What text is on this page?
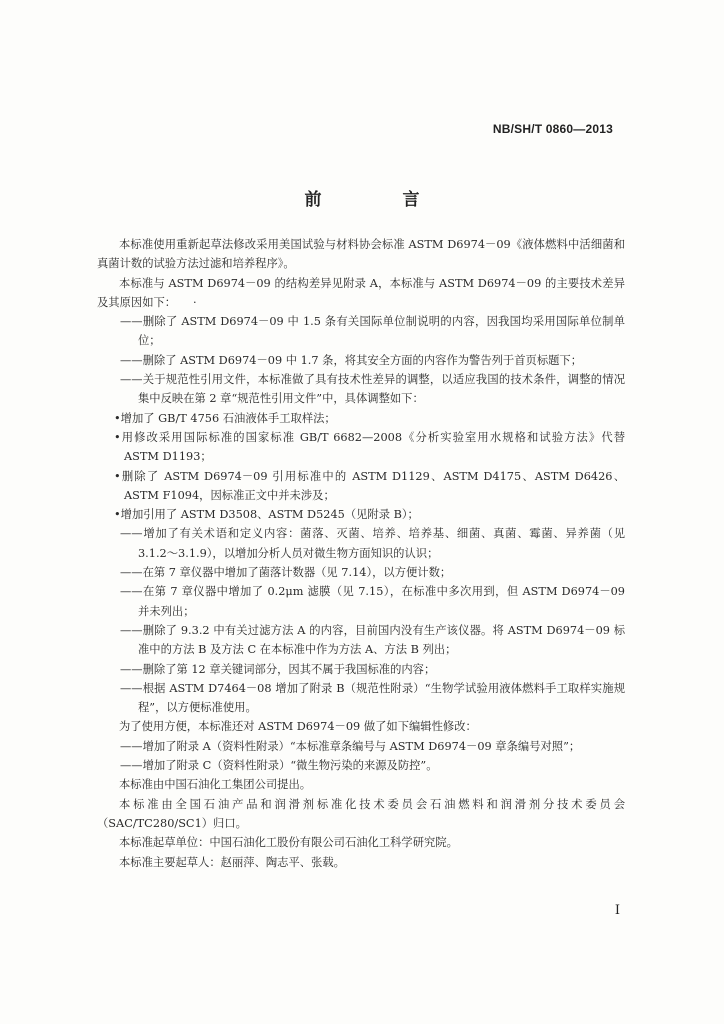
NB/SH/T 0860—2013
前　言

本标准使用重新起草法修改采用美国试验与材料协会标准 ASTM D6974－09《液体燃料中活细菌和真菌计数的试验方法过滤和培养程序》。

本标准与 ASTM D6974－09 的结构差异见附录 A，本标准与 ASTM D6974－09 的主要技术差异及其原因如下：　　·

——删除了 ASTM D6974－09 中 1.5 条有关国际单位制说明的内容，因我国均采用国际单位制单位；

——删除了 ASTM D6974－09 中 1.7 条，将其安全方面的内容作为警告列于首页标题下；

——关于规范性引用文件，本标准做了具有技术性差异的调整，以适应我国的技术条件，调整的情况集中反映在第 2 章“规范性引用文件”中，具体调整如下：

•增加了 GB/T 4756 石油液体手工取样法；

•用修改采用国际标准的国家标准 GB/T 6682—2008《分析实验室用水规格和试验方法》代替 ASTM D1193；

•删除了 ASTM D6974－09 引用标准中的 ASTM D1129、ASTM D4175、ASTM D6426、ASTM F1094，因标准正文中并未涉及；

•增加引用了 ASTM D3508、ASTM D5245（见附录 B）；

——增加了有关术语和定义内容：菌落、灭菌、培养、培养基、细菌、真菌、霉菌、异养菌（见 3.1.2～3.1.9），以增加分析人员对微生物方面知识的认识；

——在第 7 章仪器中增加了菌落计数器（见 7.14），以方便计数；

——在第 7 章仪器中增加了 0.2μm 滤膜（见 7.15），在标准中多次用到，但 ASTM D6974－09 并未列出；

——删除了 9.3.2 中有关过滤方法 A 的内容，目前国内没有生产该仪器。将 ASTM D6974－09 标准中的方法 B 及方法 C 在本标准中作为方法 A、方法 B 列出；

——删除了第 12 章关键词部分，因其不属于我国标准的内容；

——根据 ASTM D7464－08 增加了附录 B（规范性附录）“生物学试验用液体燃料手工取样实施规程”，以方便标准使用。

为了使用方便，本标准还对 ASTM D6974－09 做了如下编辑性修改：

——增加了附录 A（资料性附录）“本标准章条编号与 ASTM D6974－09 章条编号对照”；

——增加了附录 C（资料性附录）“微生物污染的来源及防控”。

本标准由中国石油化工集团公司提出。

本标准由全国石油产品和润滑剂标准化技术委员会石油燃料和润滑剂分技术委员会（SAC/TC280/SC1）归口。

本标准起草单位：中国石油化工股份有限公司石油化工科学研究院。

本标准主要起草人：赵丽萍、陶志平、张载。

I
